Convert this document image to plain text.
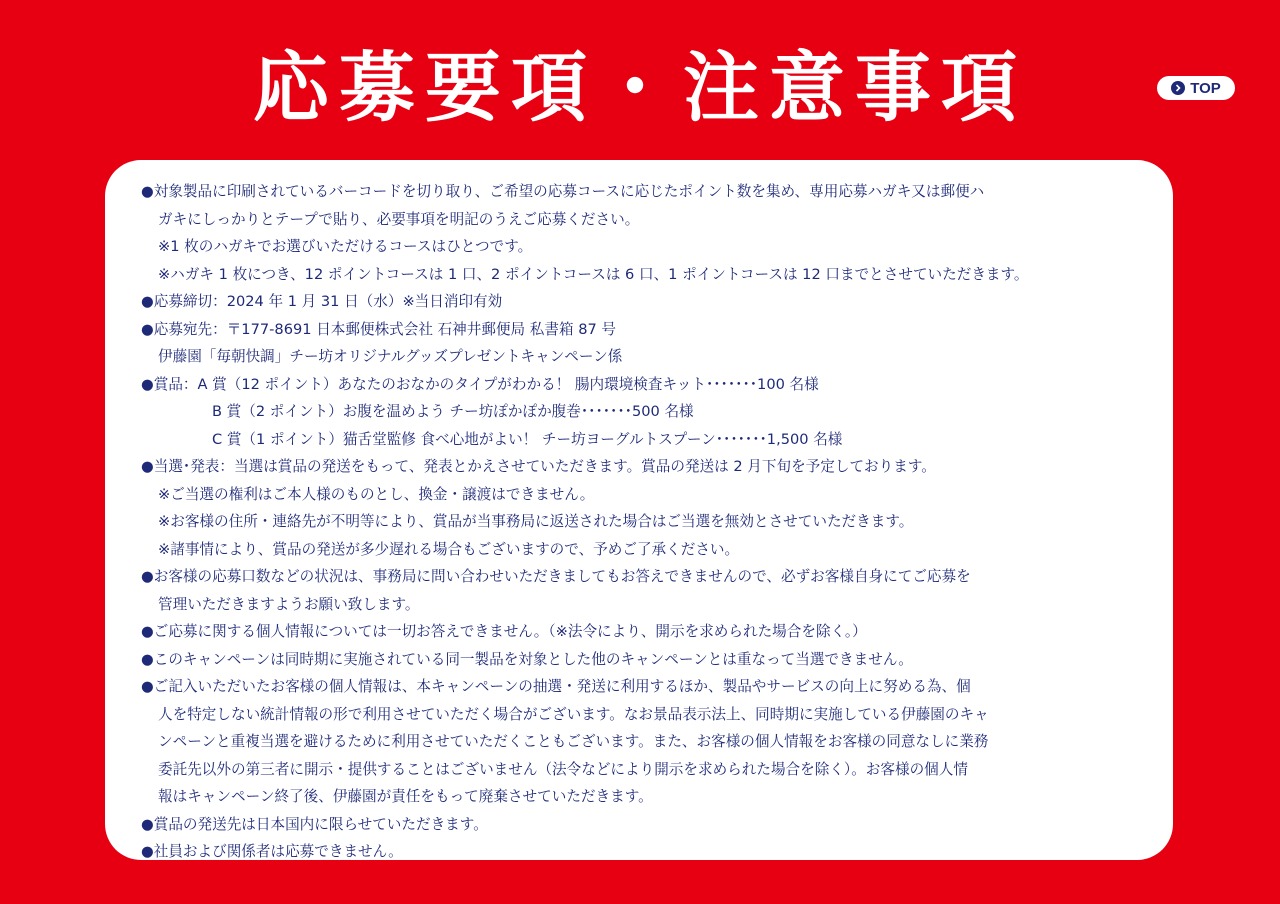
応募要項・注意事項	TOP
●対象製品に印刷されているバーコードを切り取り、ご希望の応募コースに応じたポイント数を集め、専用応募ハガキ又は郵便ハ
ガキにしっかりとテープで貼り、必要事項を明記のうえご応募ください。
※1 枚のハガキでお選びいただけるコースはひとつです。
※ハガキ 1 枚につき、12 ポイントコースは 1 口、2 ポイントコースは 6 口、1 ポイントコースは 12 口までとさせていただきます。
●応募締切：2024 年 1 月 31 日（水）※当日消印有効
●応募宛先：〒177-8691 日本郵便株式会社 石神井郵便局 私書箱 87 号
伊藤園「毎朝快調」チー坊オリジナルグッズプレゼントキャンペーン係
●賞品：A 賞（12 ポイント）あなたのおなかのタイプがわかる！ 腸内環境検査キット･･･････100 名様
B 賞（2 ポイント）お腹を温めよう チー坊ぽかぽか腹巻･･･････500 名様
C 賞（1 ポイント）猫舌堂監修 食べ心地がよい！ チー坊ヨーグルトスプーン･･･････1,500 名様
●当選･発表：当選は賞品の発送をもって、発表とかえさせていただきます。賞品の発送は 2 月下旬を予定しております。
※ご当選の権利はご本人様のものとし、換金・譲渡はできません。
※お客様の住所・連絡先が不明等により、賞品が当事務局に返送された場合はご当選を無効とさせていただきます。
※諸事情により、賞品の発送が多少遅れる場合もございますので、予めご了承ください。
●お客様の応募口数などの状況は、事務局に問い合わせいただきましてもお答えできませんので、必ずお客様自身にてご応募を
管理いただきますようお願い致します。
●ご応募に関する個人情報については一切お答えできません。（※法令により、開示を求められた場合を除く。）
●このキャンペーンは同時期に実施されている同一製品を対象とした他のキャンペーンとは重なって当選できません。
●ご記入いただいたお客様の個人情報は、本キャンペーンの抽選・発送に利用するほか、製品やサービスの向上に努める為、個
人を特定しない統計情報の形で利用させていただく場合がございます。なお景品表示法上、同時期に実施している伊藤園のキャ
ンペーンと重複当選を避けるために利用させていただくこともございます。また、お客様の個人情報をお客様の同意なしに業務
委託先以外の第三者に開示・提供することはございません（法令などにより開示を求められた場合を除く）。お客様の個人情
報はキャンペーン終了後、伊藤園が責任をもって廃棄させていただきます。
●賞品の発送先は日本国内に限らせていただきます。
●社員および関係者は応募できません。
